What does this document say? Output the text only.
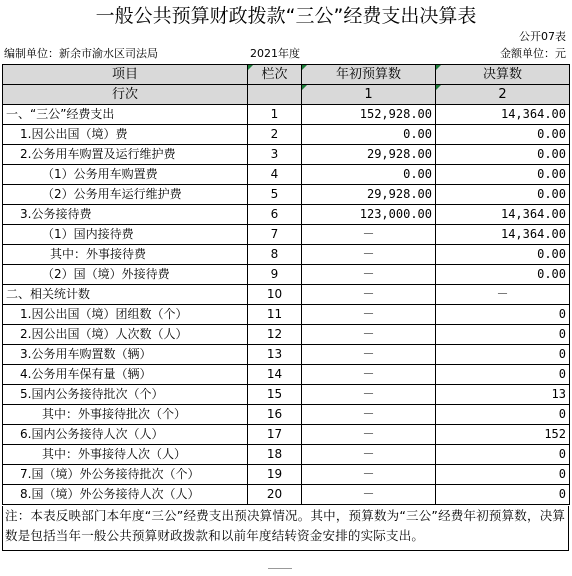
一般公共预算财政拨款“三公”经费支出决算表
公开07表
编制单位：新余市渝水区司法局	2021年度	金额单位：元
项目	栏次	年初预算数	决算数
行次		1	2
一、“三公”经费支出	1	152,928.00	14,364.00
1.因公出国（境）费	2	0.00	0.00
2.公务用车购置及运行维护费	3	29,928.00	0.00
（1）公务用车购置费	4	0.00	0.00
（2）公务用车运行维护费	5	29,928.00	0.00
3.公务接待费	6	123,000.00	14,364.00
（1）国内接待费	7	－	14,364.00
其中：外事接待费	8	－	0.00
（2）国（境）外接待费	9	－	0.00
二、相关统计数	10	－	－
1.因公出国（境）团组数（个）	11	－	0
2.因公出国（境）人次数（人）	12	－	0
3.公务用车购置数（辆）	13	－	0
4.公务用车保有量（辆）	14	－	0
5.国内公务接待批次（个）	15	－	13
其中：外事接待批次（个）	16	－	0
6.国内公务接待人次（人）	17	－	152
其中：外事接待人次（人）	18	－	0
7.国（境）外公务接待批次（个）	19	－	0
8.国（境）外公务接待人次（人）	20	－	0
注：本表反映部门本年度“三公”经费支出预决算情况。其中，预算数为“三公”经费年初预算数，决算数是包括当年一般公共预算财政拨款和以前年度结转资金安排的实际支出。
